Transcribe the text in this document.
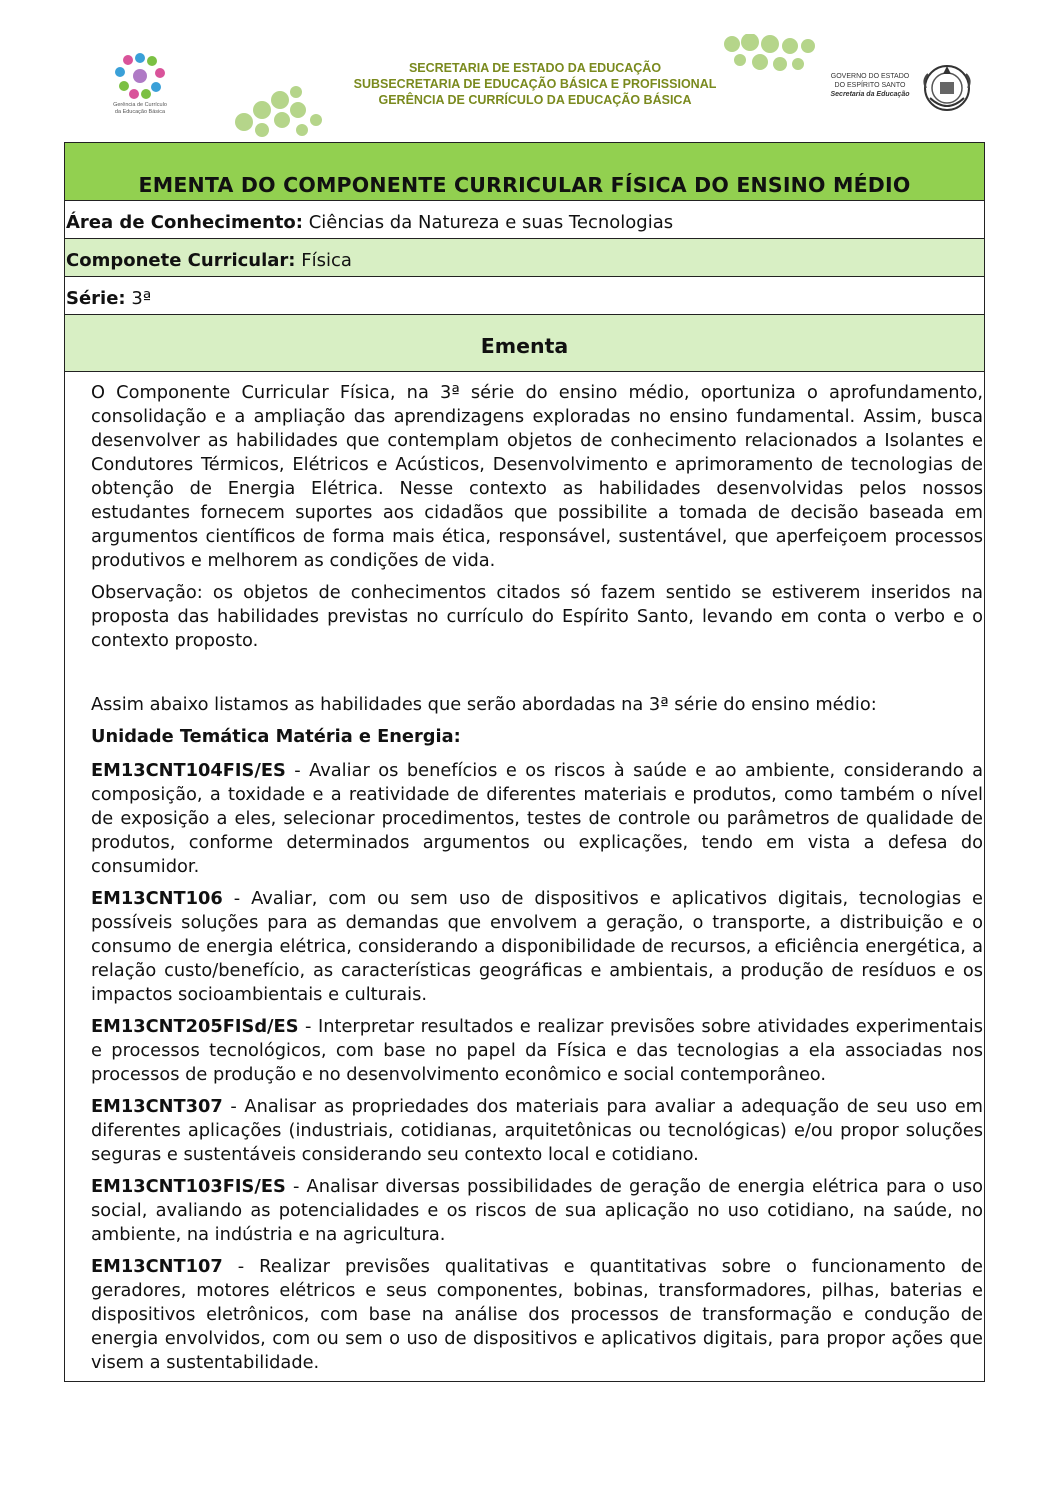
Gerência de Currículo
da Educação Básica
SECRETARIA DE ESTADO DA EDUCAÇÃO
SUBSECRETARIA DE EDUCAÇÃO BÁSICA E PROFISSIONAL
GERÊNCIA DE CURRÍCULO DA EDUCAÇÃO BÁSICA
GOVERNO DO ESTADO
DO ESPÍRITO SANTO
Secretaria da Educação
EMENTA DO COMPONENTE CURRICULAR FÍSICA DO ENSINO MÉDIO
Área de Conhecimento: Ciências da Natureza e suas Tecnologias
Componete Curricular: Física
Série: 3ª
Ementa

O Componente Curricular Física, na 3ª série do ensino médio, oportuniza o aprofundamento, consolidação e a ampliação das aprendizagens exploradas no ensino fundamental. Assim, busca desenvolver as habilidades que contemplam objetos de conhecimento relacionados a Isolantes e Condutores Térmicos, Elétricos e Acústicos, Desenvolvimento e aprimoramento de tecnologias de obtenção de Energia Elétrica. Nesse contexto as habilidades desenvolvidas pelos nossos estudantes fornecem suportes aos cidadãos que possibilite a tomada de decisão baseada em argumentos científicos de forma mais ética, responsável, sustentável, que aperfeiçoem processos produtivos e melhorem as condições de vida.

Observação: os objetos de conhecimentos citados só fazem sentido se estiverem inseridos na proposta das habilidades previstas no currículo do Espírito Santo, levando em conta o verbo e o contexto proposto.

Assim abaixo listamos as habilidades que serão abordadas na 3ª série do ensino médio:

Unidade Temática Matéria e Energia:

EM13CNT104FIS/ES - Avaliar os benefícios e os riscos à saúde e ao ambiente, considerando a composição, a toxidade e a reatividade de diferentes materiais e produtos, como também o nível de exposição a eles, selecionar procedimentos, testes de controle ou parâmetros de qualidade de produtos, conforme determinados argumentos ou explicações, tendo em vista a defesa do consumidor.

EM13CNT106 - Avaliar, com ou sem uso de dispositivos e aplicativos digitais, tecnologias e possíveis soluções para as demandas que envolvem a geração, o transporte, a distribuição e o consumo de energia elétrica, considerando a disponibilidade de recursos, a eficiência energética, a relação custo/benefício, as características geográficas e ambientais, a produção de resíduos e os impactos socioambientais e culturais.

EM13CNT205FISd/ES - Interpretar resultados e realizar previsões sobre atividades experimentais e processos tecnológicos, com base no papel da Física e das tecnologias a ela associadas nos processos de produção e no desenvolvimento econômico e social contemporâneo.

EM13CNT307 - Analisar as propriedades dos materiais para avaliar a adequação de seu uso em diferentes aplicações (industriais, cotidianas, arquitetônicas ou tecnológicas) e/ou propor soluções seguras e sustentáveis considerando seu contexto local e cotidiano.

EM13CNT103FIS/ES - Analisar diversas possibilidades de geração de energia elétrica para o uso social, avaliando as potencialidades e os riscos de sua aplicação no uso cotidiano, na saúde, no ambiente, na indústria e na agricultura.

EM13CNT107 - Realizar previsões qualitativas e quantitativas sobre o funcionamento de geradores, motores elétricos e seus componentes, bobinas, transformadores, pilhas, baterias e dispositivos eletrônicos, com base na análise dos processos de transformação e condução de energia envolvidos, com ou sem o uso de dispositivos e aplicativos digitais, para propor ações que visem a sustentabilidade.
